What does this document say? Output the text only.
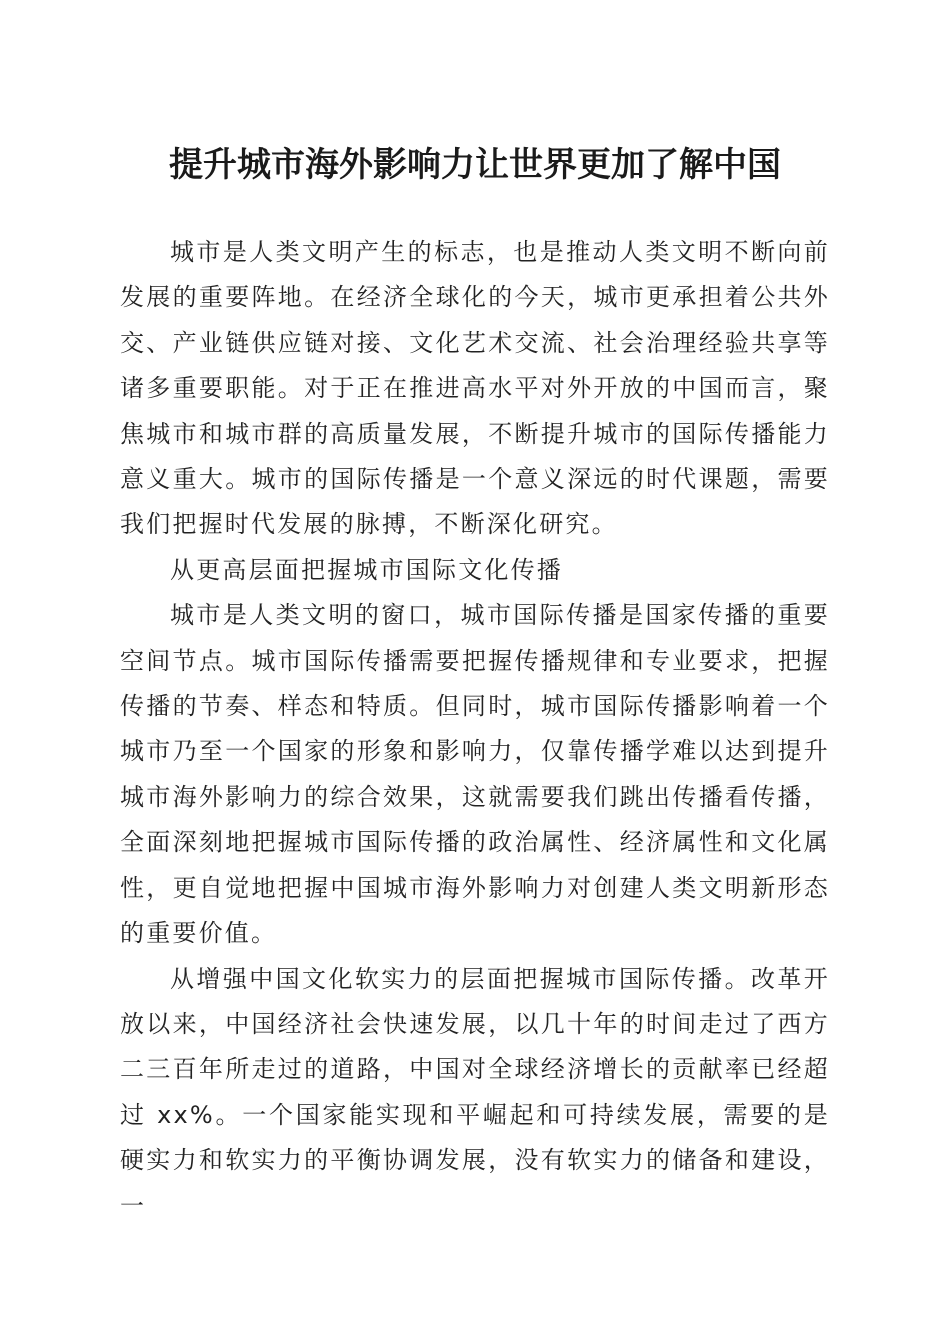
提升城市海外影响力让世界更加了解中国

城市是人类文明产生的标志，也是推动人类文明不断向前发展的重要阵地。在经济全球化的今天，城市更承担着公共外交、产业链供应链对接、文化艺术交流、社会治理经验共享等诸多重要职能。对于正在推进高水平对外开放的中国而言，聚焦城市和城市群的高质量发展，不断提升城市的国际传播能力意义重大。城市的国际传播是一个意义深远的时代课题，需要我们把握时代发展的脉搏，不断深化研究。

从更高层面把握城市国际文化传播

城市是人类文明的窗口，城市国际传播是国家传播的重要空间节点。城市国际传播需要把握传播规律和专业要求，把握传播的节奏、样态和特质。但同时，城市国际传播影响着一个城市乃至一个国家的形象和影响力，仅靠传播学难以达到提升城市海外影响力的综合效果，这就需要我们跳出传播看传播，全面深刻地把握城市国际传播的政治属性、经济属性和文化属性，更自觉地把握中国城市海外影响力对创建人类文明新形态的重要价值。

从增强中国文化软实力的层面把握城市国际传播。改革开放以来，中国经济社会快速发展，以几十年的时间走过了西方二三百年所走过的道路，中国对全球经济增长的贡献率已经超过 xx%。一个国家能实现和平崛起和可持续发展，需要的是硬实力和软实力的平衡协调发展，没有软实力的储备和建设，一
